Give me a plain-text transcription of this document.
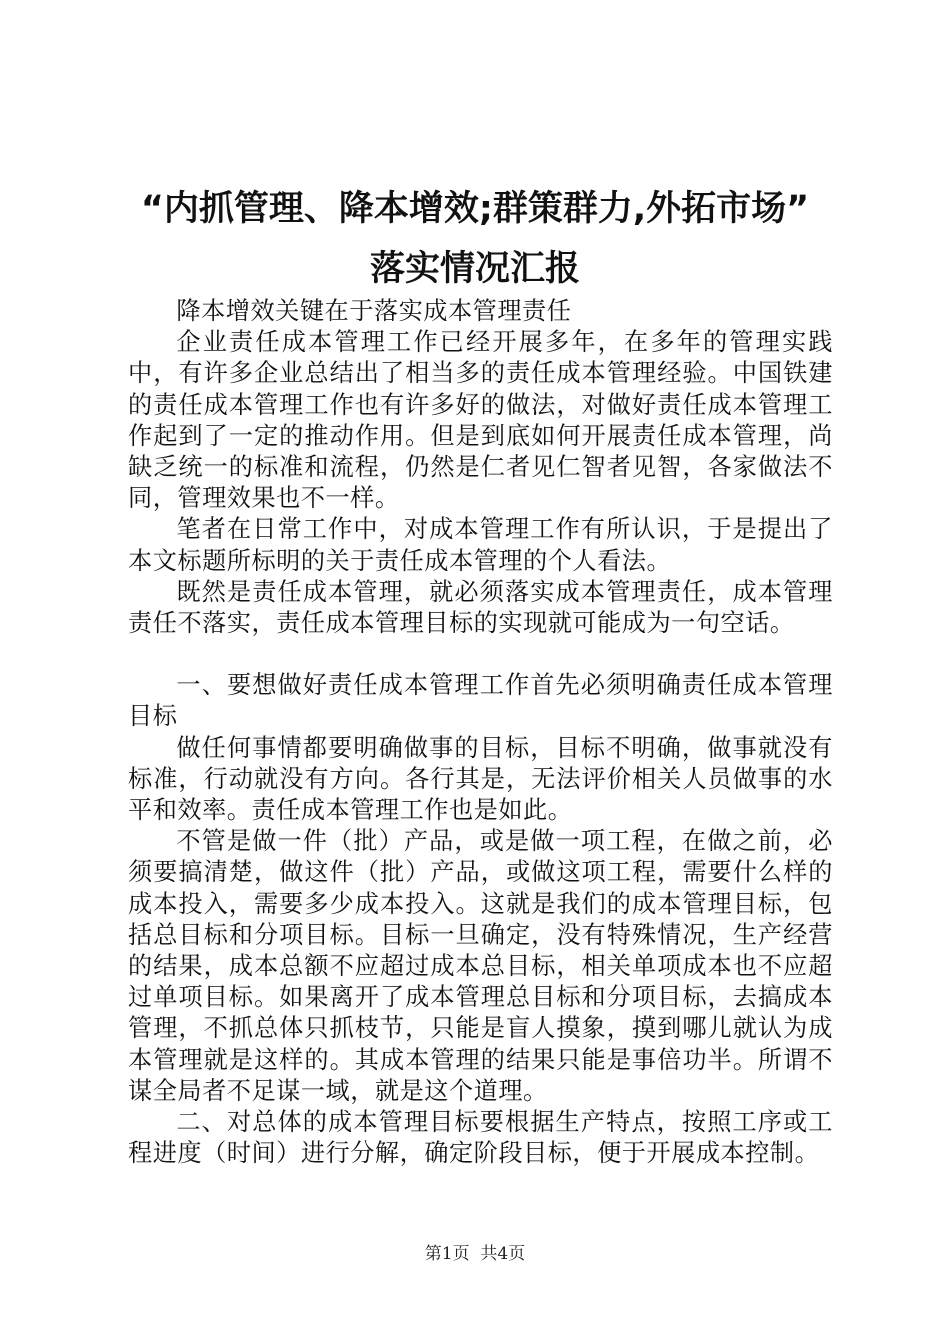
“内抓管理、降本增效;群策群力,外拓市场”
落实情况汇报

降本增效关键在于落实成本管理责任

企业责任成本管理工作已经开展多年，在多年的管理实践中，有许多企业总结出了相当多的责任成本管理经验。中国铁建的责任成本管理工作也有许多好的做法，对做好责任成本管理工作起到了一定的推动作用。但是到底如何开展责任成本管理，尚缺乏统一的标准和流程，仍然是仁者见仁智者见智，各家做法不同，管理效果也不一样。

笔者在日常工作中，对成本管理工作有所认识，于是提出了本文标题所标明的关于责任成本管理的个人看法。

既然是责任成本管理，就必须落实成本管理责任，成本管理责任不落实，责任成本管理目标的实现就可能成为一句空话。

一、要想做好责任成本管理工作首先必须明确责任成本管理目标

做任何事情都要明确做事的目标，目标不明确，做事就没有标准，行动就没有方向。各行其是，无法评价相关人员做事的水平和效率。责任成本管理工作也是如此。

不管是做一件（批）产品，或是做一项工程，在做之前，必须要搞清楚，做这件（批）产品，或做这项工程，需要什么样的成本投入，需要多少成本投入。这就是我们的成本管理目标，包括总目标和分项目标。目标一旦确定，没有特殊情况，生产经营的结果，成本总额不应超过成本总目标，相关单项成本也不应超过单项目标。如果离开了成本管理总目标和分项目标，去搞成本管理，不抓总体只抓枝节，只能是盲人摸象，摸到哪儿就认为成本管理就是这样的。其成本管理的结果只能是事倍功半。所谓不谋全局者不足谋一域，就是这个道理。

二、对总体的成本管理目标要根据生产特点，按照工序或工程进度（时间）进行分解，确定阶段目标，便于开展成本控制。

第1页 共4页
